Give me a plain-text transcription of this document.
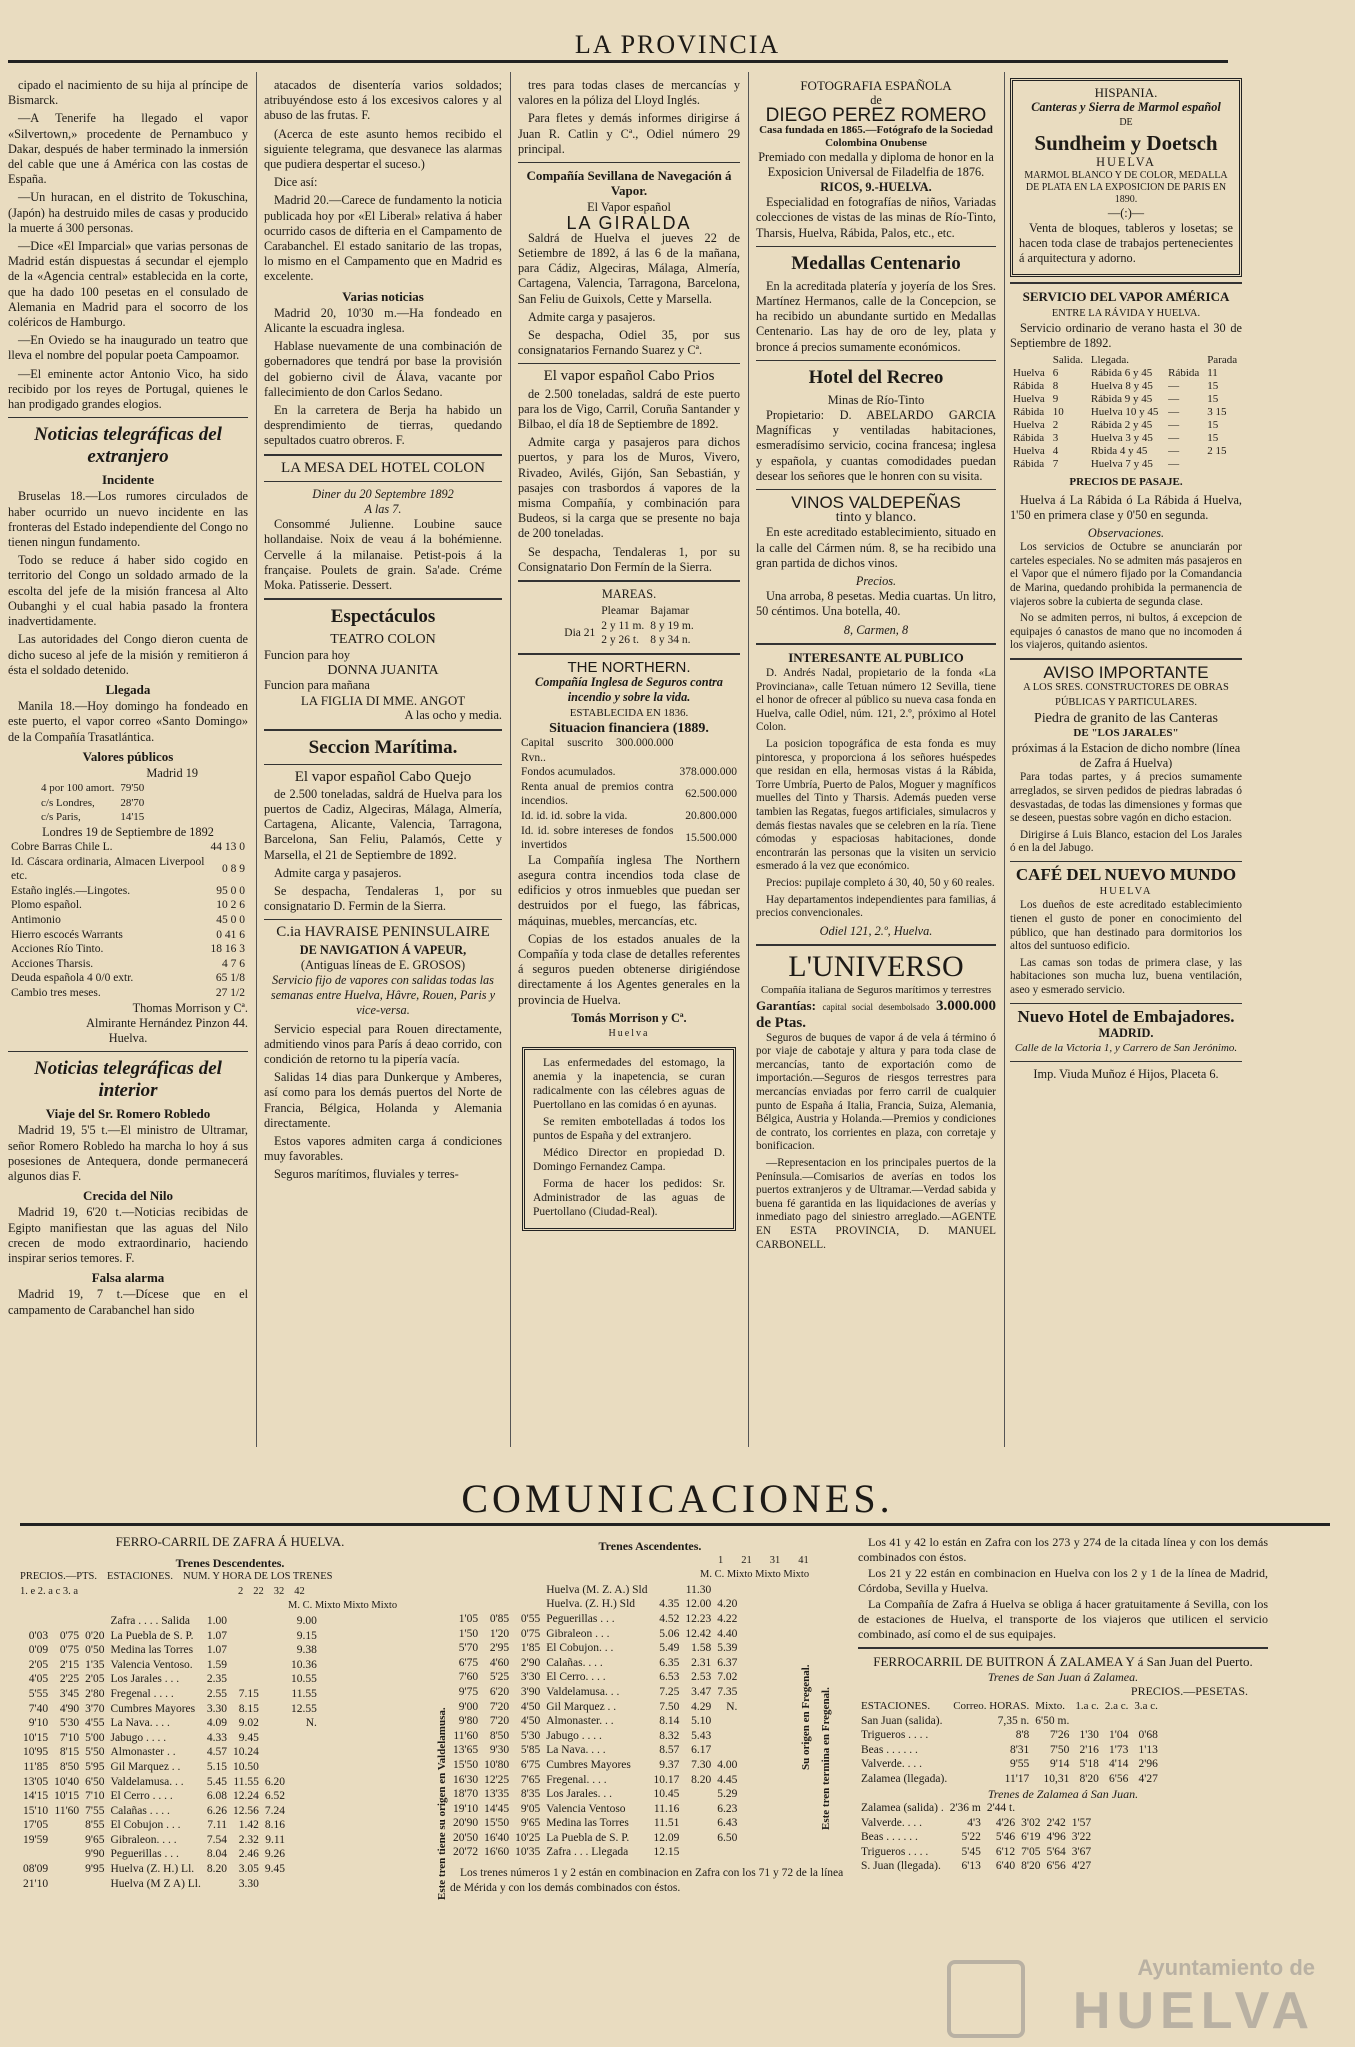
LA PROVINCIA

cipado el nacimiento de su hija al príncipe de Bismarck.

—A Tenerife ha llegado el vapor «Silvertown,» procedente de Pernambuco y Dakar, después de haber terminado la inmersión del cable que une á América con las costas de España.

—Un huracan, en el distrito de Tokuschina, (Japón) ha destruido miles de casas y producido la muerte á 300 personas.

—Dice «El Imparcial» que varias personas de Madrid están dispuestas á secundar el ejemplo de la «Agencia central» establecida en la corte, que ha dado 100 pesetas en el consulado de Alemania en Madrid para el socorro de los coléricos de Hamburgo.

—En Oviedo se ha inaugurado un teatro que lleva el nombre del popular poeta Campoamor.

—El eminente actor Antonio Vico, ha sido recibido por los reyes de Portugal, quienes le han prodigado grandes elogios.

Noticias telegráficas del extranjero
Incidente

Bruselas 18.—Los rumores circulados de haber ocurrido un nuevo incidente en las fronteras del Estado independiente del Congo no tienen ningun fundamento.

Todo se reduce á haber sido cogido en territorio del Congo un soldado armado de la escolta del jefe de la misión francesa al Alto Oubanghi y el cual habia pasado la frontera inadvertidamente.

Las autoridades del Congo dieron cuenta de dicho suceso al jefe de la misión y remitieron á ésta el soldado detenido.

Llegada

Manila 18.—Hoy domingo ha fondeado en este puerto, el vapor correo «Santo Domingo» de la Compañía Trasatlántica.

Valores públicos
Madrid 19
4 por 100 amort.	79'50
c/s Londres,	28'70
c/s Paris,	14'15
Londres 19 de Septiembre de 1892
Cobre Barras Chile L.	44 13 0
Id. Cáscara ordinaria, Almacen Liverpool etc.	0 8 9
Estaño inglés.—Lingotes.	95 0 0
Plomo español.	10 2 6
Antimonio	45 0 0
Hierro escocés Warrants	0 41 6
Acciones Río Tinto.	18 16 3
Acciones Tharsis.	4 7 6
Deuda española 4 0/0 extr.	65 1/8
Cambio tres meses.	27 1/2
Thomas Morrison y Cª.
Almirante Hernández Pinzon 44.
Huelva.
Noticias telegráficas del interior
Viaje del Sr. Romero Robledo

Madrid 19, 5'5 t.—El ministro de Ultramar, señor Romero Robledo ha marcha lo hoy á sus posesiones de Antequera, donde permanecerá algunos dias F.

Crecida del Nilo

Madrid 19, 6'20 t.—Noticias recibidas de Egipto manifiestan que las aguas del Nilo crecen de modo extraordinario, haciendo inspirar serios temores. F.

Falsa alarma

Madrid 19, 7 t.—Dícese que en el campamento de Carabanchel han sido

atacados de disentería varios soldados; atribuyéndose esto á los excesivos calores y al abuso de las frutas. F.

(Acerca de este asunto hemos recibido el siguiente telegrama, que desvanece las alarmas que pudiera despertar el suceso.)

Dice así:

Madrid 20.—Carece de fundamento la noticia publicada hoy por «El Liberal» relativa á haber ocurrido casos de difteria en el Campamento de Carabanchel. El estado sanitario de las tropas, lo mismo en el Campamento que en Madrid es excelente.

Varias noticias

Madrid 20, 10'30 m.—Ha fondeado en Alicante la escuadra inglesa.

Hablase nuevamente de una combinación de gobernadores que tendrá por base la provisión del gobierno civil de Álava, vacante por fallecimiento de don Carlos Sedano.

En la carretera de Berja ha habido un desprendimiento de tierras, quedando sepultados cuatro obreros. F.

LA MESA DEL HOTEL COLON
Diner du 20 Septembre 1892
A las 7.

Consommé Julienne. Loubine sauce hollandaise. Noix de veau á la bohémienne. Cervelle á la milanaise. Petist-pois á la française. Poulets de grain. Sa'ade. Créme Moka. Patisserie. Dessert.

Espectáculos
TEATRO COLON
Funcion para hoy
DONNA JUANITA
Funcion para mañana
LA FIGLIA DI MME. ANGOT
A las ocho y media.
Seccion Marítima.
El vapor español Cabo Quejo

de 2.500 toneladas, saldrá de Huelva para los puertos de Cadiz, Algeciras, Málaga, Almería, Cartagena, Alicante, Valencia, Tarragona, Barcelona, San Feliu, Palamós, Cette y Marsella, el 21 de Septiembre de 1892.

Admite carga y pasajeros.

Se despacha, Tendaleras 1, por su consignatario D. Fermin de la Sierra.

C.ia HAVRAISE PENINSULAIRE
DE NAVIGATION Á VAPEUR,
(Antiguas líneas de E. GROSOS)

Servicio fijo de vapores con salidas todas las semanas entre Huelva, Hâvre, Rouen, Paris y vice-versa.

Servicio especial para Rouen directamente, admitiendo vinos para París á deao corrido, con condición de retorno tu la pipería vacía.

Salidas 14 dias para Dunkerque y Amberes, así como para los demás puertos del Norte de Francia, Bélgica, Holanda y Alemania directamente.

Estos vapores admiten carga á condiciones muy favorables.

Seguros marítimos, fluviales y terres-

tres para todas clases de mercancías y valores en la póliza del Lloyd Inglés.

Para fletes y demás informes dirigirse á Juan R. Catlin y Cª., Odiel número 29 principal.

Compañía Sevillana de Navegación á Vapor.
El Vapor español
LA GIRALDA

Saldrá de Huelva el jueves 22 de Setiembre de 1892, á las 6 de la mañana, para Cádiz, Algeciras, Málaga, Almería, Cartagena, Valencia, Tarragona, Barcelona, San Feliu de Guixols, Cette y Marsella.

Admite carga y pasajeros.

Se despacha, Odiel 35, por sus consignatarios Fernando Suarez y Cª.

El vapor español Cabo Prios

de 2.500 toneladas, saldrá de este puerto para los de Vigo, Carril, Coruña Santander y Bilbao, el día 18 de Septiembre de 1892.

Admite carga y pasajeros para dichos puertos, y para los de Muros, Vivero, Rivadeo, Avilés, Gijón, San Sebastián, y pasajes con trasbordos á vapores de la misma Compañía, y combinación para Budeos, si la carga que se presente no baja de 200 toneladas.

Se despacha, Tendaleras 1, por su Consignatario Don Fermín de la Sierra.

MAREAS.
	Pleamar	Bajamar
Dia 21	2 y 11 m.	8 y 19 m.
	2 y 26 t.	8 y 34 n.
THE NORTHERN.
Compañía Inglesa de Seguros contra incendio y sobre la vida.
ESTABLECIDA EN 1836.
Situacion financiera (1889.
Capital suscrito 300.000.000 Rvn..	
Fondos acumulados.	378.000.000
Renta anual de premios contra incendios.	62.500.000
Id. id. id. sobre la vida.	20.800.000
Id. id. sobre intereses de fondos invertidos	15.500.000

La Compañía inglesa The Northern asegura contra incendios toda clase de edificios y otros inmuebles que puedan ser destruidos por el fuego, las fábricas, máquinas, muebles, mercancías, etc.

Copias de los estados anuales de la Compañía y toda clase de detalles referentes á seguros pueden obtenerse dirigiéndose directamente á los Agentes generales en la provincia de Huelva.

Tomás Morrison y Cª.
Huelva

Las enfermedades del estomago, la anemia y la inapetencia, se curan radicalmente con las célebres aguas de Puertollano en las comidas ó en ayunas.

Se remiten embotelladas á todos los puntos de España y del extranjero.

Médico Director en propiedad D. Domingo Fernandez Campa.

Forma de hacer los pedidos: Sr. Administrador de las aguas de Puertollano (Ciudad-Real).

FOTOGRAFIA ESPAÑOLA
de
DIEGO PEREZ ROMERO
Casa fundada en 1865.—Fotógrafo de la Sociedad Colombina Onubense
Premiado con medalla y diploma de honor en la Exposicion Universal de Filadelfia de 1876.
RICOS, 9.-HUELVA.

Especialidad en fotografías de niños, Variadas colecciones de vistas de las minas de Río-Tinto, Tharsis, Huelva, Rábida, Palos, etc., etc.

Medallas Centenario

En la acreditada platería y joyería de los Sres. Martínez Hermanos, calle de la Concepcion, se ha recibido un abundante surtido en Medallas Centenario. Las hay de oro de ley, plata y bronce á precios sumamente económicos.

Hotel del Recreo
Minas de Río-Tinto

Propietario: D. ABELARDO GARCIA Magníficas y ventiladas habitaciones, esmeradísimo servicio, cocina francesa; inglesa y española, y cuantas comodidades puedan desear los señores que le honren con su visita.

VINOS VALDEPEÑAS
tinto y blanco.

En este acreditado establecimiento, situado en la calle del Cármen núm. 8, se ha recibido una gran partida de dichos vinos.

Precios.

Una arroba, 8 pesetas. Media cuartas. Un litro, 50 céntimos. Una botella, 40.

8, Carmen, 8
INTERESANTE AL PUBLICO

D. Andrés Nadal, propietario de la fonda «La Provinciana», calle Tetuan número 12 Sevilla, tiene el honor de ofrecer al público su nueva casa fonda en Huelva, calle Odiel, núm. 121, 2.º, próximo al Hotel Colon.

La posicion topográfica de esta fonda es muy pintoresca, y proporciona á los señores huéspedes que residan en ella, hermosas vistas á la Rábida, Torre Umbría, Puerto de Palos, Moguer y magníficos muelles del Tinto y Tharsis. Además pueden verse tambien las Regatas, fuegos artificiales, simulacros y demás fiestas navales que se celebren en la ría. Tiene cómodas y espaciosas habitaciones, donde encontrarán las personas que la visiten un servicio esmerado á la vez que económico.

Precios: pupilaje completo á 30, 40, 50 y 60 reales.

Hay departamentos independientes para familias, á precios convencionales.

Odiel 121, 2.º, Huelva.
L'UNIVERSO
Compañía italiana de Seguros marítimos y terrestres
Garantías: capital social desembolsado 3.000.000 de Ptas.

Seguros de buques de vapor á de vela á término ó por viaje de cabotaje y altura y para toda clase de mercancías, tanto de exportación como de importación.—Seguros de riesgos terrestres para mercancías enviadas por ferro carril de cualquier punto de España á Italia, Francia, Suiza, Alemania, Bélgica, Austria y Holanda.—Premios y condiciones de contrato, los corrientes en plaza, con corretaje y bonificacion.

—Representacion en los principales puertos de la Península.—Comisarios de averías en todos los puertos extranjeros y de Ultramar.—Verdad sabida y buena fé garantida en las liquidaciones de averías y inmediato pago del siniestro arreglado.—AGENTE EN ESTA PROVINCIA, D. MANUEL CARBONELL.

HISPANIA.
Canteras y Sierra de Marmol español
DE
Sundheim y Doetsch
HUELVA
MARMOL BLANCO Y DE COLOR, MEDALLA DE PLATA EN LA EXPOSICION DE PARIS EN 1890.
—(:)—

Venta de bloques, tableros y losetas; se hacen toda clase de trabajos pertenecientes á arquitectura y adorno.

SERVICIO DEL VAPOR AMÉRICA
ENTRE LA RÁVIDA Y HUELVA.

Servicio ordinario de verano hasta el 30 de Septiembre de 1892.

	Salida.	Llegada.		Parada
Huelva	6	Rábida 6 y 45	Rábida	11
Rábida	8	Huelva 8 y 45	—	15
Huelva	9	Rábida 9 y 45	—	15
Rábida	10	Huelva 10 y 45	—	3 15
Huelva	2	Rábida 2 y 45	—	15
Rábida	3	Huelva 3 y 45	—	15
Huelva	4	Rbida 4 y 45	—	2 15
Rábida	7	Huelva 7 y 45	—	
PRECIOS DE PASAJE.

Huelva á La Rábida ó La Rábida á Huelva, 1'50 en primera clase y 0'50 en segunda.

Observaciones.

Los servicios de Octubre se anunciarán por carteles especiales. No se admiten más pasajeros en el Vapor que el número fijado por la Comandancia de Marina, quedando prohibida la permanencia de viajeros sobre la cubierta de segunda clase.

No se admiten perros, ni bultos, á excepcion de equipajes ó canastos de mano que no incomoden á los viajeros, quitando asientos.

AVISO IMPORTANTE
A LOS SRES. CONSTRUCTORES DE OBRAS PÚBLICAS Y PARTICULARES.
Piedra de granito de las Canteras
DE "LOS JARALES"
próximas á la Estacion de dicho nombre (línea de Zafra á Huelva)

Para todas partes, y á precios sumamente arreglados, se sirven pedidos de piedras labradas ó desvastadas, de todas las dimensiones y formas que se deseen, puestas sobre vagón en dicho estacion.

Dirigirse á Luis Blanco, estacion del Los Jarales ó en la del Jabugo.

CAFÉ DEL NUEVO MUNDO
HUELVA

Los dueños de este acreditado establecimiento tienen el gusto de poner en conocimiento del público, que han destinado para dormitorios los altos del suntuoso edificio.

Las camas son todas de primera clase, y las habitaciones son mucha luz, buena ventilación, aseo y esmerado servicio.

Nuevo Hotel de Embajadores.
MADRID.
Calle de la Victoria 1, y Carrero de San Jerónimo.
Imp. Viuda Muñoz é Hijos, Placeta 6.
COMUNICACIONES.
FERRO-CARRIL DE ZAFRA Á HUELVA.
Trenes Descendentes.
PRECIOS.—PTS. ESTACIONES. NUM. Y HORA DE LOS TRENES
1. e 2. a c 3. a	2 22 32 42
M. C. Mixto Mixto Mixto
			Zafra . . . . Salida	1.00			9.00
0'03	0'75	0'20	La Puebla de S. P.	1.07			9.15
0'09	0'75	0'50	Medina las Torres	1.07			9.38
2'05	2'15	1'35	Valencia Ventoso.	1.59			10.36
4'05	2'25	2'05	Los Jarales . . .	2.35			10.55
5'55	3'45	2'80	Fregenal . . . .	2.55	7.15		11.55
7'40	4'90	3'70	Cumbres Mayores	3.30	8.15		12.55
9'10	5'30	4'55	La Nava. . . .	4.09	9.02		N.
10'15	7'10	5'00	Jabugo . . . .	4.33	9.45		
10'95	8'15	5'50	Almonaster . .	4.57	10.24		
11'85	8'50	5'95	Gil Marquez . .	5.15	10.50		
13'05	10'40	6'50	Valdelamusa. . .	5.45	11.55	6.20	
14'15	10'15	7'10	El Cerro . . . .	6.08	12.24	6.52	
15'10	11'60	7'55	Calañas . . . .	6.26	12.56	7.24	
17'05		8'55	El Cobujon . . .	7.11	1.42	8.16	
19'59		9'65	Gibraleon. . . .	7.54	2.32	9.11	
		9'90	Peguerillas . . .	8.04	2.46	9.26	
08'09		9'95	Huelva (Z. H.) Ll.	8.20	3.05	9.45	
21'10			Huelva (M Z A) Ll.		3.30			Este tren tiene su origen en Valdelamusa.
Trenes Ascendentes.
1 21 31 41
M. C. Mixto Mixto Mixto
			Huelva (M. Z. A.) Sld		11.30		
			Huelva. (Z. H.) Sld	4.35	12.00	4.20	
1'05	0'85	0'55	Peguerillas . . .	4.52	12.23	4.22	
1'50	1'20	0'75	Gibraleon . . .	5.06	12.42	4.40	
5'70	2'95	1'85	El Cobujon. . .	5.49	1.58	5.39	
6'75	4'60	2'90	Calañas. . . .	6.35	2.31	6.37	
7'60	5'25	3'30	El Cerro. . . .	6.53	2.53	7.02	
9'75	6'20	3'90	Valdelamusa. . .	7.25	3.47	7.35	
9'00	7'20	4'50	Gil Marquez . .	7.50	4.29	N.	
9'80	7'20	4'50	Almonaster. . .	8.14	5.10		
11'60	8'50	5'30	Jabugo . . . .	8.32	5.43		
13'65	9'30	5'85	La Nava. . . .	8.57	6.17		
15'50	10'80	6'75	Cumbres Mayores	9.37	7.30	4.00	
16'30	12'25	7'65	Fregenal. . . .	10.17	8.20	4.45	
18'70	13'35	8'35	Los Jarales. . .	10.45		5.29	
19'10	14'45	9'05	Valencia Ventoso	11.16		6.23	
20'90	15'50	9'65	Medina las Torres	11.51		6.43	
20'50	16'40	10'25	La Puebla de S. P.	12.09		6.50	
20'72	16'60	10'35	Zafra . . . Llegada	12.15			

Los trenes números 1 y 2 están en combinacion en Zafra con los 71 y 72 de la línea de Mérida y con los demás combinados con éstos.

Su origen en Fregenal. Este tren termina en Fregenal.

Los 41 y 42 lo están en Zafra con los 273 y 274 de la citada línea y con los demás combinados con éstos.

Los 21 y 22 están en combinacion en Huelva con los 2 y 1 de la línea de Madrid, Córdoba, Sevilla y Huelva.

La Compañía de Zafra á Huelva se obliga á hacer gratuitamente á Sevilla, con los de estaciones de Huelva, el transporte de los viajeros que utilicen el servicio combinado, así como el de sus equipajes.

FERROCARRIL DE BUITRON Á ZALAMEA Y á San Juan del Puerto.
Trenes de San Juan á Zalamea.
PRECIOS.—PESETAS.
ESTACIONES.	Correo. HORAS.	Mixto.	1.a c.	2.a c.	3.a c.
San Juan (salida).	7,35 n.	6'50 m.			
Trigueros . . . .	8'8	7'26	1'30	1'04	0'68
Beas . . . . . .	8'31	7'50	2'16	1'73	1'13
Valverde. . . .	9'55	9'14	5'18	4'14	2'96
Zalamea (llegada).	11'17	10,31	8'20	6'56	4'27
Trenes de Zalamea á San Juan.
Zalamea (salida) .	2'36 m	2'44 t.			
Valverde. . . .	4'3	4'26	3'02	2'42	1'57
Beas . . . . . .	5'22	5'46	6'19	4'96	3'22
Trigueros . . . .	5'45	6'12	7'05	5'64	3'67
S. Juan (llegada).	6'13	6'40	8'20	6'56	4'27
Ayuntamiento de
HUELVA
